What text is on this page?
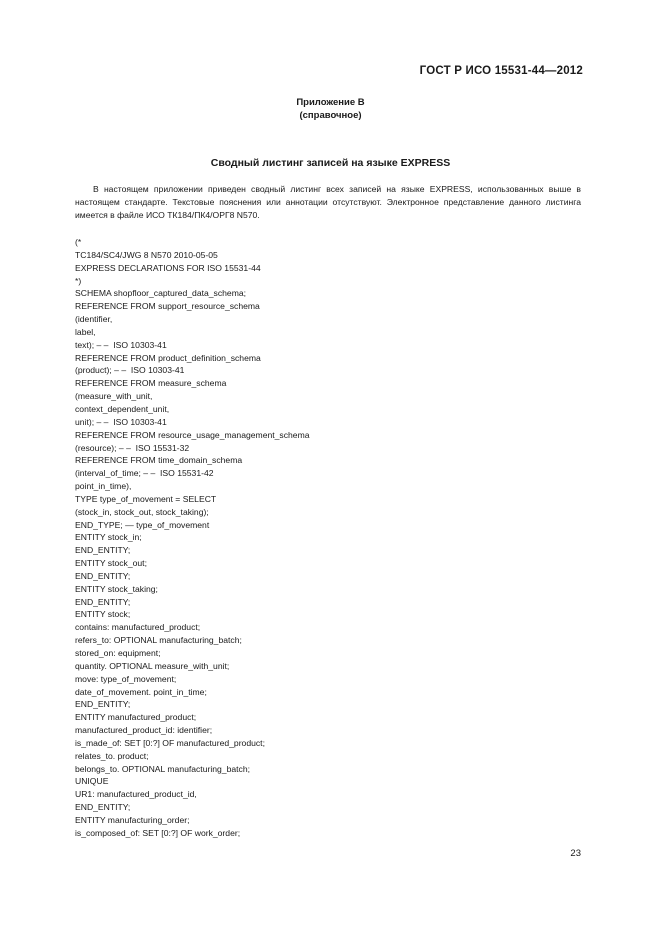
ГОСТ Р ИСО 15531-44—2012
Приложение В
(справочное)
Сводный листинг записей на языке EXPRESS

В настоящем приложении приведен сводный листинг всех записей на языке EXPRESS, использованных выше в настоящем стандарте. Текстовые пояснения или аннотации отсутствуют. Электронное представление данного листинга имеется в файле ИСО ТК184/ПК4/ОРГ8 N570.

(*
TC184/SC4/JWG 8 N570 2010-05-05
EXPRESS DECLARATIONS FOR ISO 15531-44
*)
SCHEMA shopfloor_captured_data_schema;
REFERENCE FROM support_resource_schema
(identifier,
label,
text); – –  ISO 10303-41
REFERENCE FROM product_definition_schema
(product); – –  ISO 10303-41
REFERENCE FROM measure_schema
(measure_with_unit,
context_dependent_unit,
unit); – –  ISO 10303-41
REFERENCE FROM resource_usage_management_schema
(resource); – –  ISO 15531-32
REFERENCE FROM time_domain_schema
(interval_of_time; – –  ISO 15531-42
point_in_time),
TYPE type_of_movement = SELECT
(stock_in, stock_out, stock_taking);
END_TYPE; — type_of_movement
ENTITY stock_in;
END_ENTITY;
ENTITY stock_out;
END_ENTITY;
ENTITY stock_taking;
END_ENTITY;
ENTITY stock;
contains: manufactured_product;
refers_to: OPTIONAL manufacturing_batch;
stored_on: equipment;
quantity. OPTIONAL measure_with_unit;
move: type_of_movement;
date_of_movement. point_in_time;
END_ENTITY;
ENTITY manufactured_product;
manufactured_product_id: identifier;
is_made_of: SET [0:?] OF manufactured_product;
relates_to. product;
belongs_to. OPTIONAL manufacturing_batch;
UNIQUE
UR1: manufactured_product_id,
END_ENTITY;
ENTITY manufacturing_order;
is_composed_of: SET [0:?] OF work_order;
23
